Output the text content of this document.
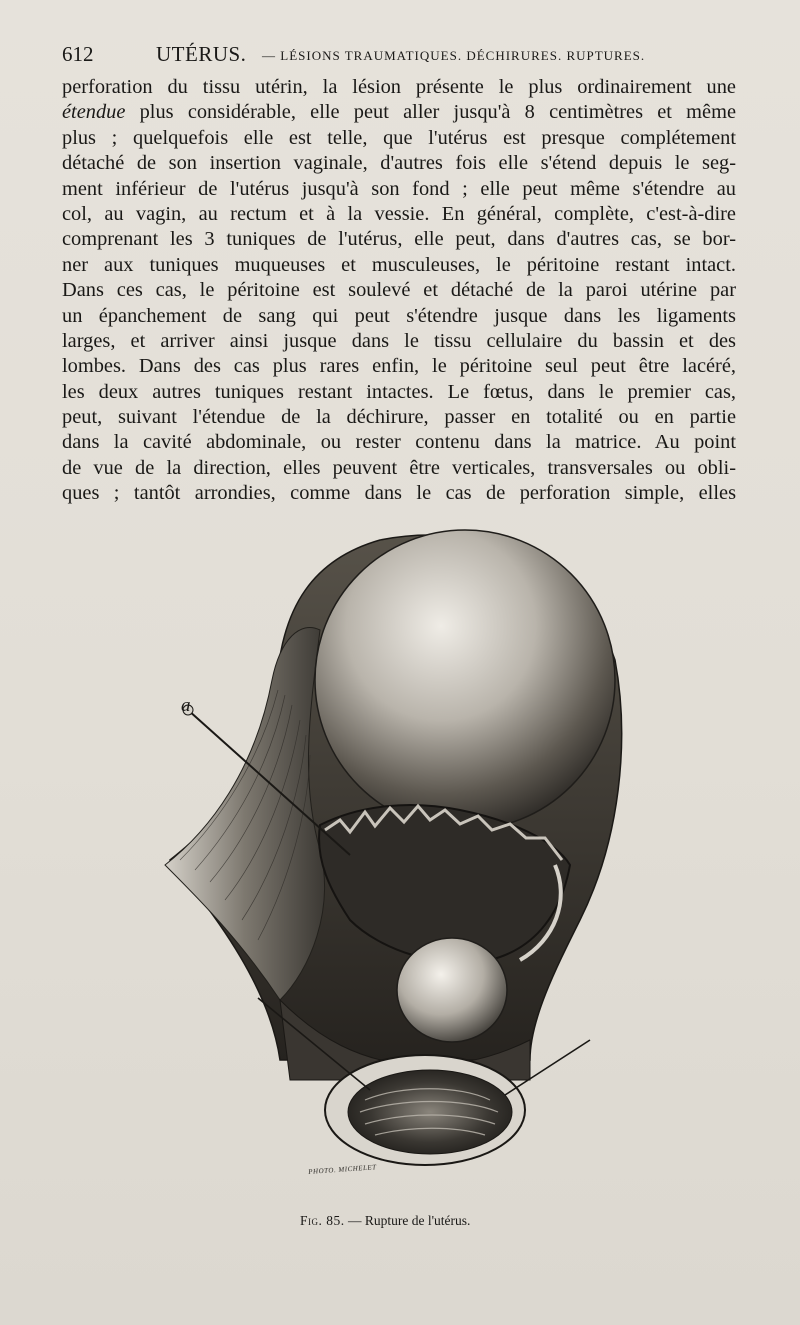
612	UTÉRUS. — LÉSIONS TRAUMATIQUES. DÉCHIRURES. RUPTURES.
perforation du tissu utérin, la lésion présente le plus ordinairement une
étendue plus considérable, elle peut aller jusqu'à 8 centimètres et même
plus ; quelquefois elle est telle, que l'utérus est presque complétement
détaché de son insertion vaginale, d'autres fois elle s'étend depuis le seg-
ment inférieur de l'utérus jusqu'à son fond ; elle peut même s'étendre au
col, au vagin, au rectum et à la vessie. En général, complète, c'est-à-dire
comprenant les 3 tuniques de l'utérus, elle peut, dans d'autres cas, se bor-
ner aux tuniques muqueuses et musculeuses, le péritoine restant intact.
Dans ces cas, le péritoine est soulevé et détaché de la paroi utérine par
un épanchement de sang qui peut s'étendre jusque dans les ligaments
larges, et arriver ainsi jusque dans le tissu cellulaire du bassin et des
lombes. Dans des cas plus rares enfin, le péritoine seul peut être lacéré,
les deux autres tuniques restant intactes. Le fœtus, dans le premier cas,
peut, suivant l'étendue de la déchirure, passer en totalité ou en partie
dans la cavité abdominale, ou rester contenu dans la matrice. Au point
de vue de la direction, elles peuvent être verticales, transversales ou obli-
ques ; tantôt arrondies, comme dans le cas de perforation simple, elles
a
PHOTO. MICHELET
Fig. 85. — Rupture de l'utérus.
